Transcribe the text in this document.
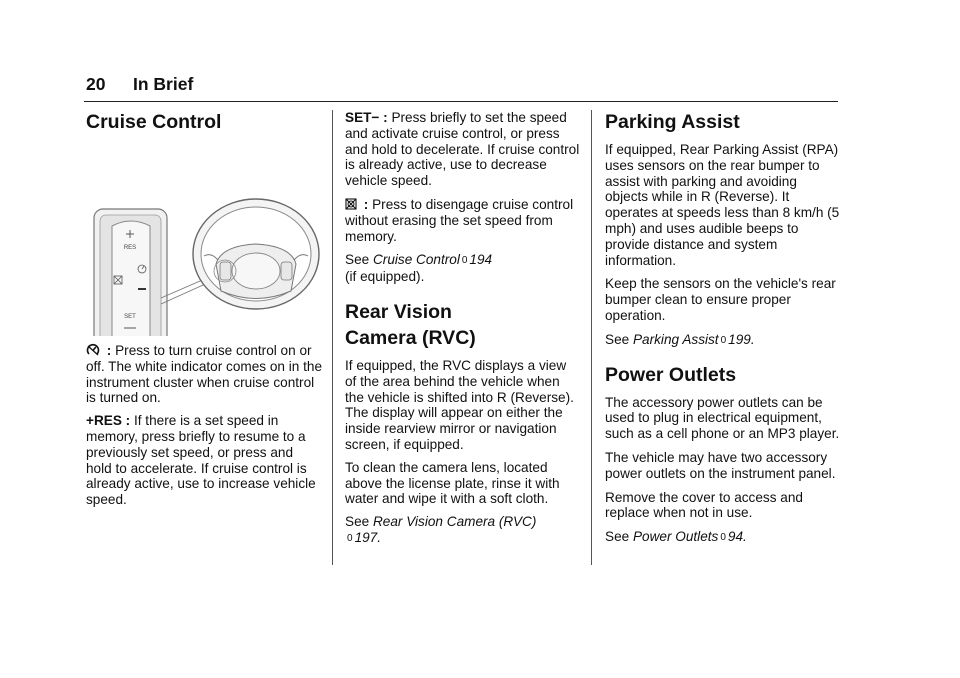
20 In Brief
Cruise Control
RES
SET

: Press to turn cruise control on or off. The white indicator comes on in the instrument cluster when cruise control is turned on.

+RES : If there is a set speed in memory, press briefly to resume to a previously set speed, or press and hold to accelerate. If cruise control is already active, use to increase vehicle speed.

SET− : Press briefly to set the speed and activate cruise control, or press and hold to decelerate. If cruise control is already active, use to decrease vehicle speed.

: Press to disengage cruise control without erasing the set speed from memory.

See Cruise Control 0 194
(if equipped).

Rear Vision
Camera (RVC)

If equipped, the RVC displays a view of the area behind the vehicle when the vehicle is shifted into R (Reverse). The display will appear on either the inside rearview mirror or navigation screen, if equipped.

To clean the camera lens, located above the license plate, rinse it with water and wipe it with a soft cloth.

See Rear Vision Camera (RVC)
0 197.

Parking Assist

If equipped, Rear Parking Assist (RPA) uses sensors on the rear bumper to assist with parking and avoiding objects while in R (Reverse). It operates at speeds less than 8 km/h (5 mph) and uses audible beeps to provide distance and system information.

Keep the sensors on the vehicle's rear bumper clean to ensure proper operation.

See Parking Assist 0 199.

Power Outlets

The accessory power outlets can be used to plug in electrical equipment, such as a cell phone or an MP3 player.

The vehicle may have two accessory power outlets on the instrument panel.

Remove the cover to access and replace when not in use.

See Power Outlets 0 94.
